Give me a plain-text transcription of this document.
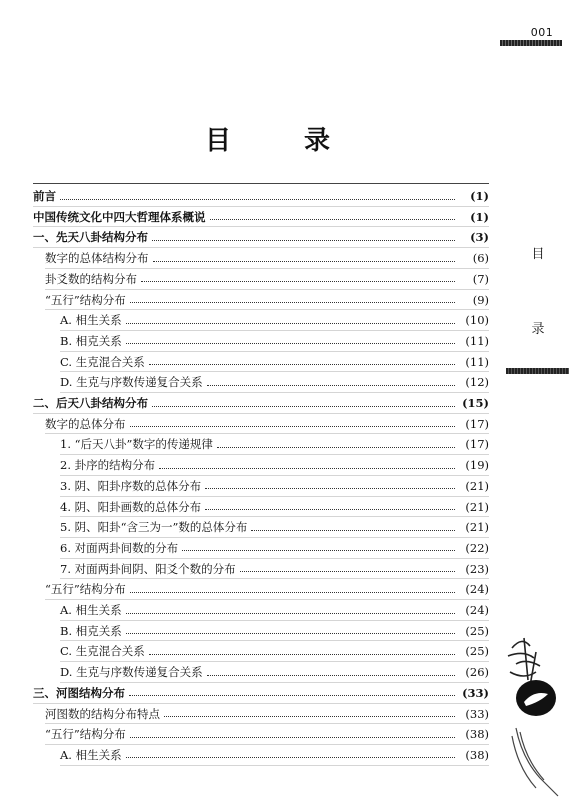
001
目	录
前言	(1)
中国传统文化中四大哲理体系概说	(1)
一、先天八卦结构分布	(3)
数字的总体结构分布	(6)
卦爻数的结构分布	(7)
“五行”结构分布	(9)
A. 相生关系	(10)
B. 相克关系	(11)
C. 生克混合关系	(11)
D. 生克与序数传递复合关系	(12)
二、后天八卦结构分布	(15)
数字的总体分布	(17)
1. “后天八卦”数字的传递规律	(17)
2. 卦序的结构分布	(19)
3. 阴、阳卦序数的总体分布	(21)
4. 阴、阳卦画数的总体分布	(21)
5. 阴、阳卦“含三为一”数的总体分布	(21)
6. 对面两卦间数的分布	(22)
7. 对面两卦间阴、阳爻个数的分布	(23)
“五行”结构分布	(24)
A. 相生关系	(24)
B. 相克关系	(25)
C. 生克混合关系	(25)
D. 生克与序数传递复合关系	(26)
三、河图结构分布	(33)
河图数的结构分布特点	(33)
“五行”结构分布	(38)
A. 相生关系	(38)
目
录
